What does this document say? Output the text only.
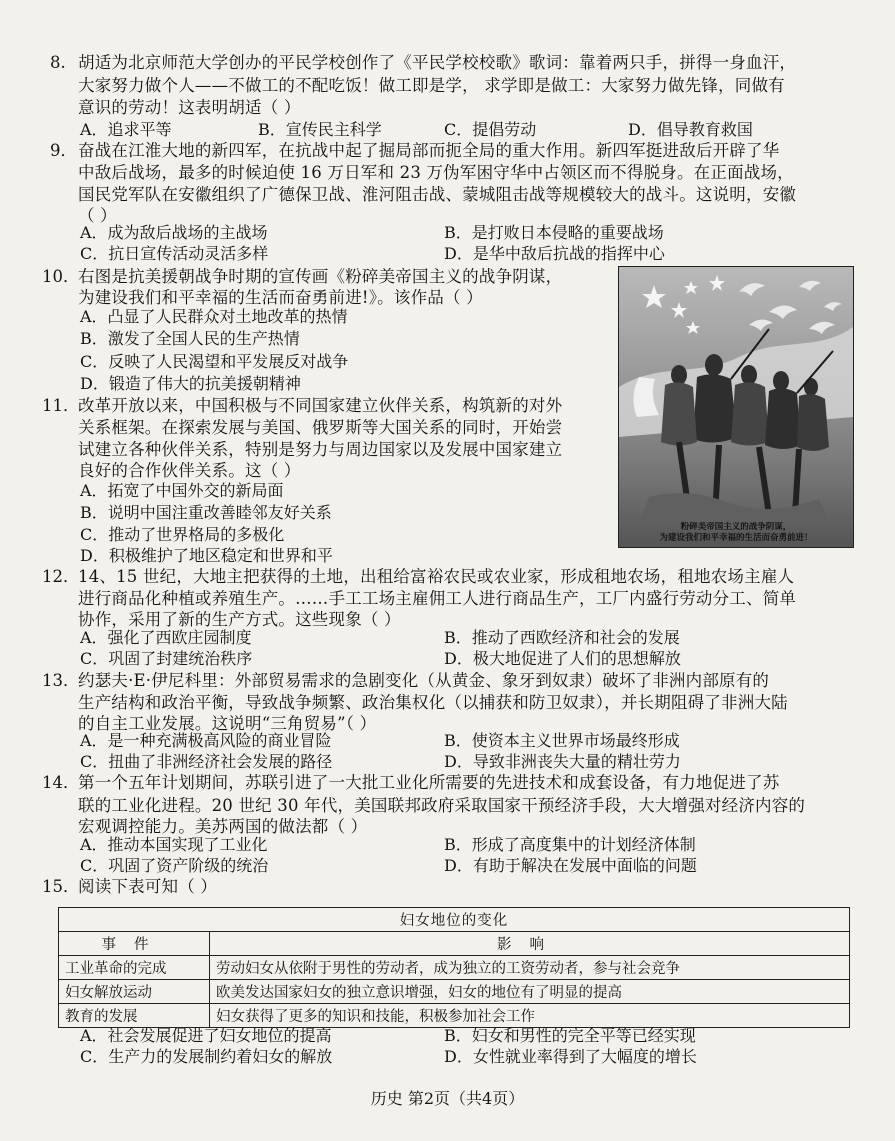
8. 胡适为北京师范大学创办的平民学校创作了《平民学校校歌》歌词：靠着两只手，拼得一身血汗，
大家努力做个人——不做工的不配吃饭！做工即是学， 求学即是做工：大家努力做先锋，同做有
意识的劳动！这表明胡适（ ）
A．追求平等	B．宣传民主科学	C．提倡劳动	D．倡导教育救国
9． 奋战在江淮大地的新四军，在抗战中起了掘局部而扼全局的重大作用。新四军挺进敌后开辟了华
中敌后战场，最多的时候迫使 16 万日军和 23 万伪军困守华中占领区而不得脱身。在正面战场，
国民党军队在安徽组织了广德保卫战、淮河阻击战、蒙城阻击战等规模较大的战斗。这说明，安徽
（ ）
A．成为敌后战场的主战场	B．是打败日本侵略的重要战场
C．抗日宣传活动灵活多样	D．是华中敌后抗战的指挥中心
10．
右图是抗美援朝战争时期的宣传画《粉碎美帝国主义的战争阴谋，
为建设我们和平幸福的生活而奋勇前进!》。该作品（ ）
A．凸显了人民群众对土地改革的热情
B．激发了全国人民的生产热情
C．反映了人民渴望和平发展反对战争
D．锻造了伟大的抗美援朝精神
粉碎美帝国主义的战争阴谋，
为建设我们和平幸福的生活而奋勇前进！
11．
改革开放以来，中国积极与不同国家建立伙伴关系，构筑新的对外
关系框架。在探索发展与美国、俄罗斯等大国关系的同时，开始尝
试建立各种伙伴关系，特别是努力与周边国家以及发展中国家建立
良好的合作伙伴关系。这（ ）
A．拓宽了中国外交的新局面
B．说明中国注重改善睦邻友好关系
C．推动了世界格局的多极化
D．积极维护了地区稳定和世界和平
12．
14、15 世纪，大地主把获得的土地，出租给富裕农民或农业家，形成租地农场，租地农场主雇人
进行商品化种植或养殖生产。……手工工场主雇佣工人进行商品生产，工厂内盛行劳动分工、简单
协作，采用了新的生产方式。这些现象（ ）
A．强化了西欧庄园制度	B．推动了西欧经济和社会的发展
C．巩固了封建统治秩序	D．极大地促进了人们的思想解放
13．
约瑟夫·E·伊尼科里：外部贸易需求的急剧变化（从黄金、象牙到奴隶）破坏了非洲内部原有的
生产结构和政治平衡，导致战争频繁、政治集权化（以捕获和防卫奴隶），并长期阻碍了非洲大陆
的自主工业发展。这说明“三角贸易”（ ）
A．是一种充满极高风险的商业冒险	B．使资本主义世界市场最终形成
C．扭曲了非洲经济社会发展的路径	D．导致非洲丧失大量的精壮劳力
14．
第一个五年计划期间，苏联引进了一大批工业化所需要的先进技术和成套设备，有力地促进了苏
联的工业化进程。20 世纪 30 年代，美国联邦政府采取国家干预经济手段，大大增强对经济内容的
宏观调控能力。美苏两国的做法都（ ）
A．推动本国实现了工业化	B．形成了高度集中的计划经济体制
C．巩固了资产阶级的统治	D．有助于解决在发展中面临的问题
15．
阅读下表可知（ ）
妇女地位的变化	
事件	影响
工业革命的完成	劳动妇女从依附于男性的劳动者，成为独立的工资劳动者，参与社会竞争
妇女解放运动	欧美发达国家妇女的独立意识增强，妇女的地位有了明显的提高
教育的发展	妇女获得了更多的知识和技能，积极参加社会工作
A．社会发展促进了妇女地位的提高	B．妇女和男性的完全平等已经实现
C．生产力的发展制约着妇女的解放	D．女性就业率得到了大幅度的增长
历史 第2页（共4页）
